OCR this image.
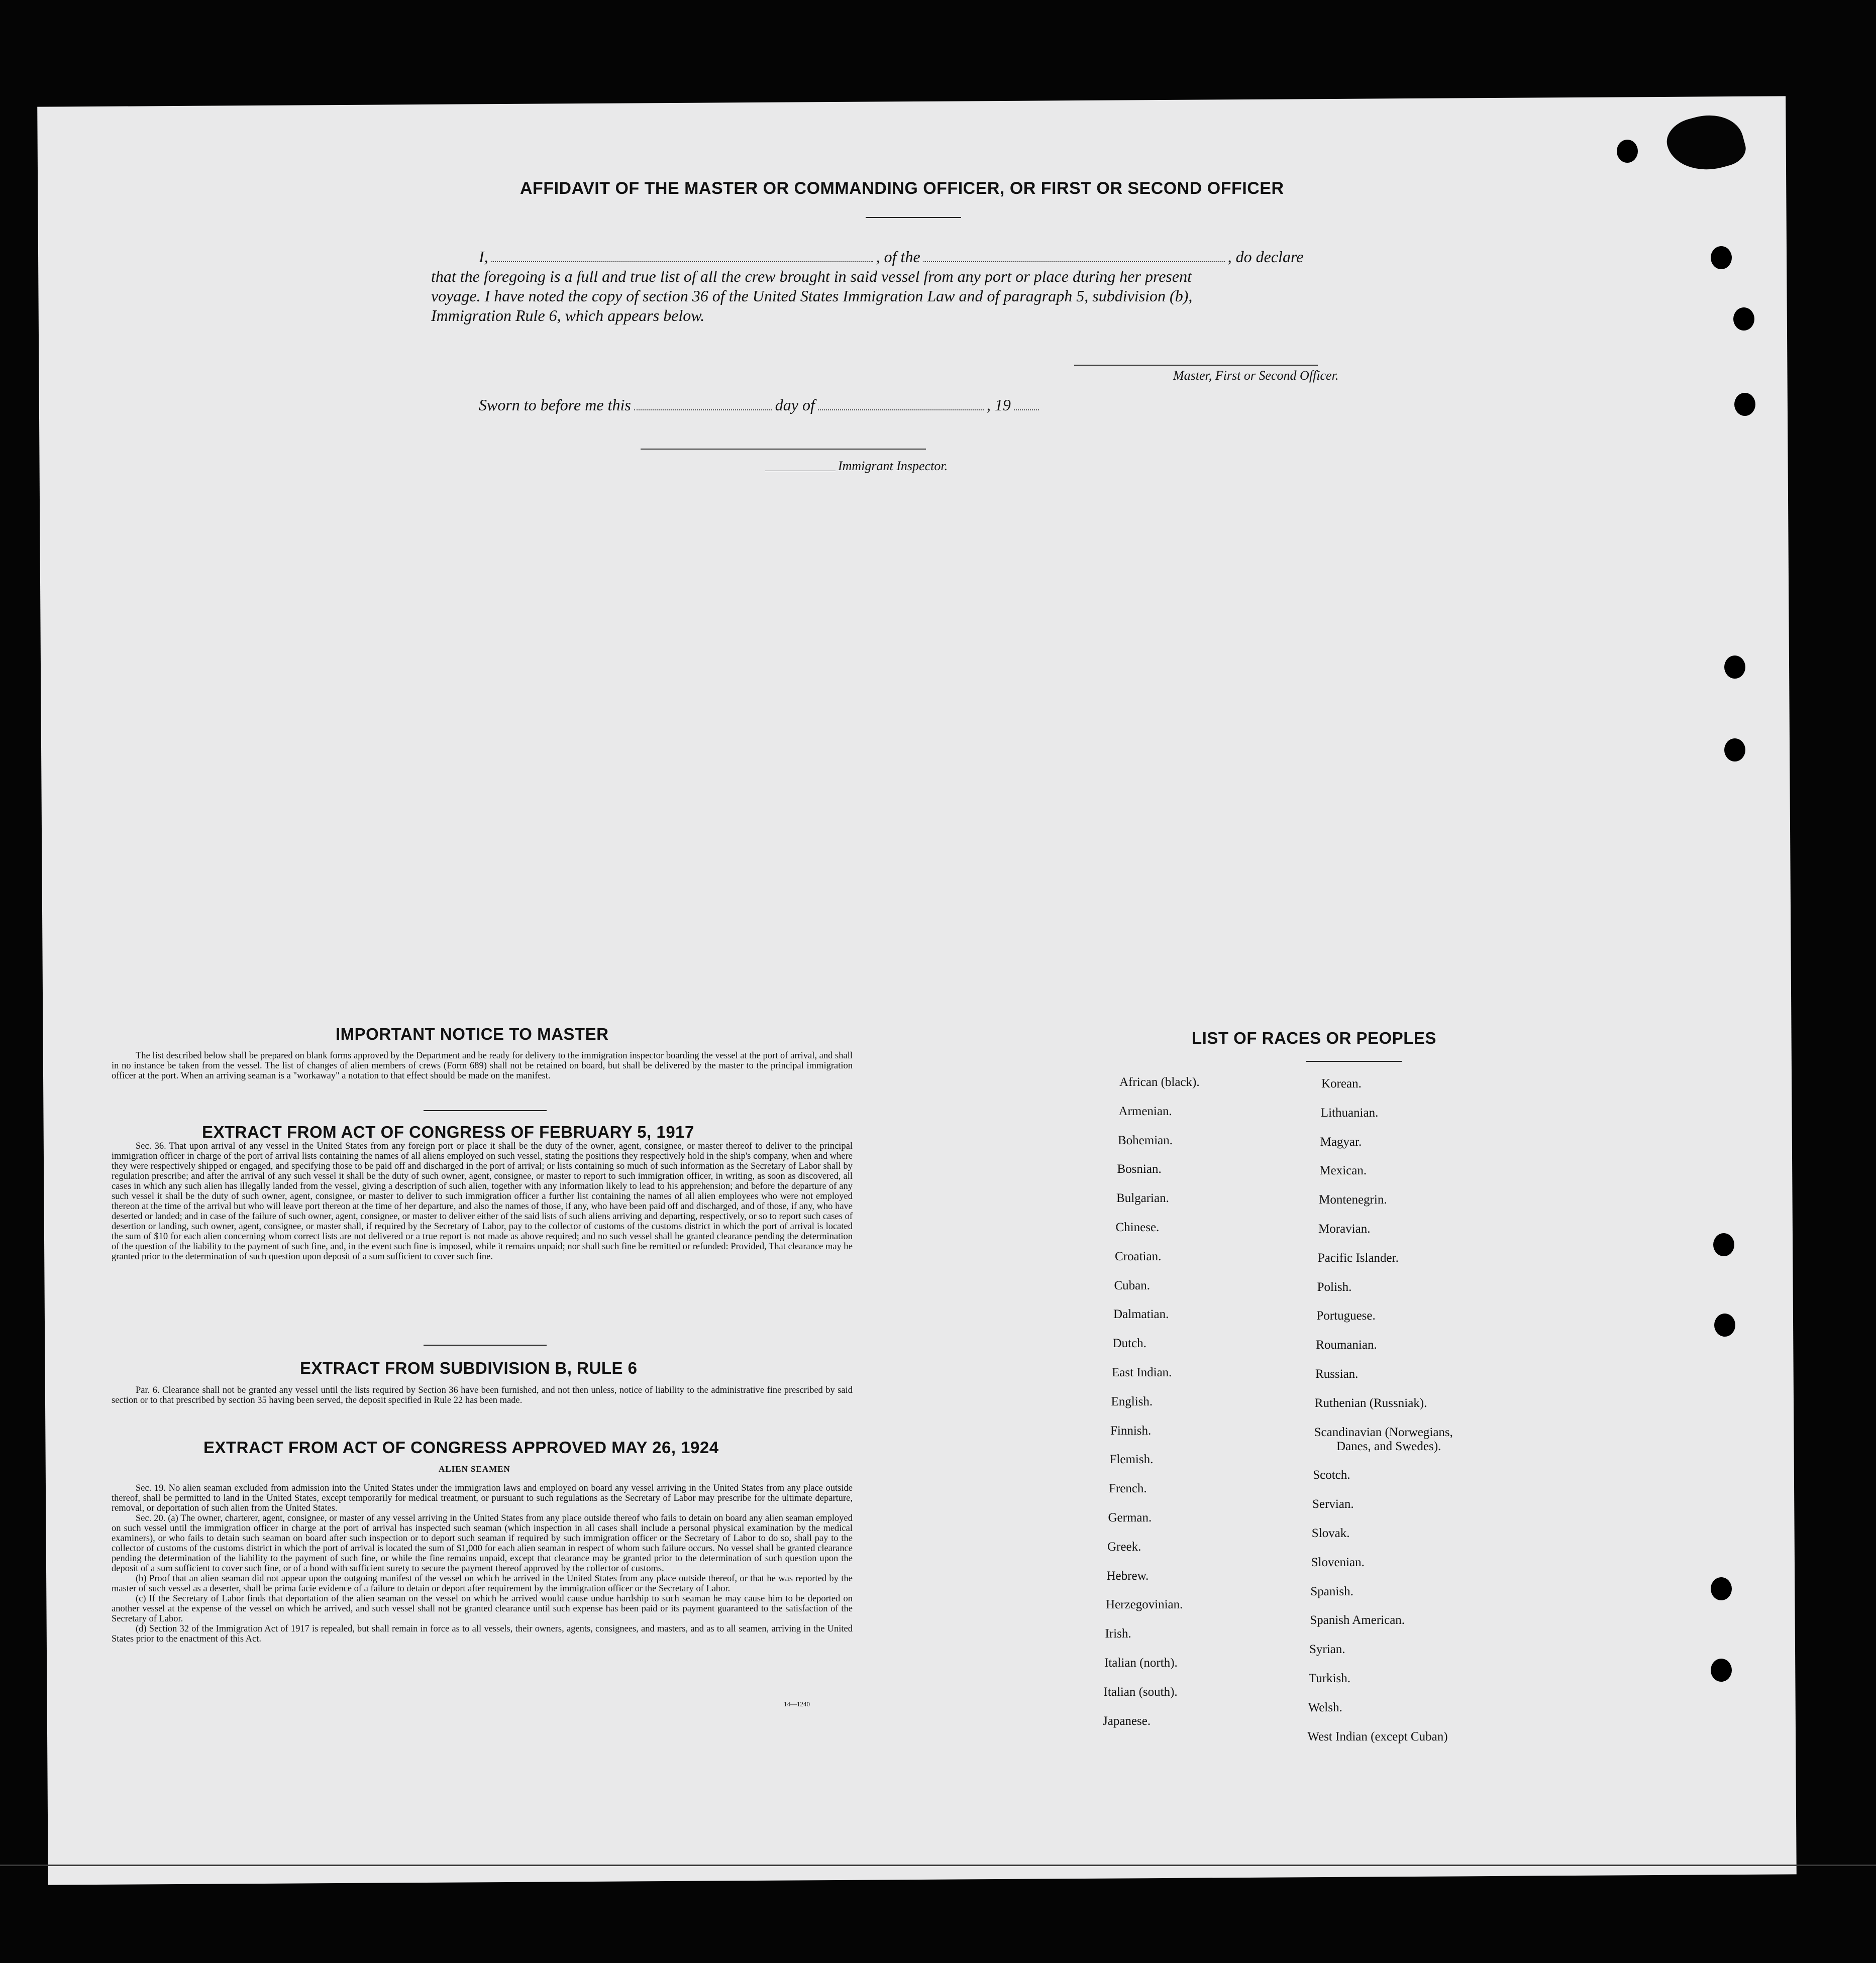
AFFIDAVIT OF THE MASTER OR COMMANDING OFFICER, OR FIRST OR SECOND OFFICER
I,	, of the	, do declare
that the foregoing is a full and true list of all the crew brought in said vessel from any port or place during her present
voyage. I have noted the copy of section 36 of the United States Immigration Law and of paragraph 5, subdivision (b),
Immigration Rule 6, which appears below.
Master, First or Second Officer.
Sworn to before me this	day of	, 19
Immigrant Inspector.
IMPORTANT NOTICE TO MASTER

The list described below shall be prepared on blank forms approved by the Department and be ready for delivery to the immigration inspector boarding the vessel at the port of arrival, and shall in no instance be taken from the vessel. The list of changes of alien members of crews (Form 689) shall not be retained on board, but shall be delivered by the master to the principal immigration officer at the port. When an arriving seaman is a "workaway" a notation to that effect should be made on the manifest.

EXTRACT FROM ACT OF CONGRESS OF FEBRUARY 5, 1917

Sec. 36. That upon arrival of any vessel in the United States from any foreign port or place it shall be the duty of the owner, agent, consignee, or master thereof to deliver to the principal immigration officer in charge of the port of arrival lists containing the names of all aliens employed on such vessel, stating the positions they respectively hold in the ship's company, when and where they were respectively shipped or engaged, and specifying those to be paid off and discharged in the port of arrival; or lists containing so much of such information as the Secretary of Labor shall by regulation prescribe; and after the arrival of any such vessel it shall be the duty of such owner, agent, consignee, or master to report to such immigration officer, in writing, as soon as discovered, all cases in which any such alien has illegally landed from the vessel, giving a description of such alien, together with any information likely to lead to his apprehension; and before the departure of any such vessel it shall be the duty of such owner, agent, consignee, or master to deliver to such immigration officer a further list containing the names of all alien employees who were not employed thereon at the time of the arrival but who will leave port thereon at the time of her departure, and also the names of those, if any, who have been paid off and discharged, and of those, if any, who have deserted or landed; and in case of the failure of such owner, agent, consignee, or master to deliver either of the said lists of such aliens arriving and departing, respectively, or so to report such cases of desertion or landing, such owner, agent, consignee, or master shall, if required by the Secretary of Labor, pay to the collector of customs of the customs district in which the port of arrival is located the sum of $10 for each alien concerning whom correct lists are not delivered or a true report is not made as above required; and no such vessel shall be granted clearance pending the determination of the question of the liability to the payment of such fine, and, in the event such fine is imposed, while it remains unpaid; nor shall such fine be remitted or refunded: Provided, That clearance may be granted prior to the determination of such question upon deposit of a sum sufficient to cover such fine.

EXTRACT FROM SUBDIVISION B, RULE 6

Par. 6. Clearance shall not be granted any vessel until the lists required by Section 36 have been furnished, and not then unless, notice of liability to the administrative fine prescribed by said section or to that prescribed by section 35 having been served, the deposit specified in Rule 22 has been made.

EXTRACT FROM ACT OF CONGRESS APPROVED MAY 26, 1924
ALIEN SEAMEN

Sec. 19. No alien seaman excluded from admission into the United States under the immigration laws and employed on board any vessel arriving in the United States from any place outside thereof, shall be permitted to land in the United States, except temporarily for medical treatment, or pursuant to such regulations as the Secretary of Labor may prescribe for the ultimate departure, removal, or deportation of such alien from the United States.

Sec. 20. (a) The owner, charterer, agent, consignee, or master of any vessel arriving in the United States from any place outside thereof who fails to detain on board any alien seaman employed on such vessel until the immigration officer in charge at the port of arrival has inspected such seaman (which inspection in all cases shall include a personal physical examination by the medical examiners), or who fails to detain such seaman on board after such inspection or to deport such seaman if required by such immigration officer or the Secretary of Labor to do so, shall pay to the collector of customs of the customs district in which the port of arrival is located the sum of $1,000 for each alien seaman in respect of whom such failure occurs. No vessel shall be granted clearance pending the determination of the liability to the payment of such fine, or while the fine remains unpaid, except that clearance may be granted prior to the determination of such question upon the deposit of a sum sufficient to cover such fine, or of a bond with sufficient surety to secure the payment thereof approved by the collector of customs.

(b) Proof that an alien seaman did not appear upon the outgoing manifest of the vessel on which he arrived in the United States from any place outside thereof, or that he was reported by the master of such vessel as a deserter, shall be prima facie evidence of a failure to detain or deport after requirement by the immigration officer or the Secretary of Labor.

(c) If the Secretary of Labor finds that deportation of the alien seaman on the vessel on which he arrived would cause undue hardship to such seaman he may cause him to be deported on another vessel at the expense of the vessel on which he arrived, and such vessel shall not be granted clearance until such expense has been paid or its payment guaranteed to the satisfaction of the Secretary of Labor.

(d) Section 32 of the Immigration Act of 1917 is repealed, but shall remain in force as to all vessels, their owners, agents, consignees, and masters, and as to all seamen, arriving in the United States prior to the enactment of this Act.

14—1240
LIST OF RACES OR PEOPLES
African (black).
Armenian.
Bohemian.
Bosnian.
Bulgarian.
Chinese.
Croatian.
Cuban.
Dalmatian.
Dutch.
East Indian.
English.
Finnish.
Flemish.
French.
German.
Greek.
Hebrew.
Herzegovinian.
Irish.
Italian (north).
Italian (south).
Japanese.
Korean.
Lithuanian.
Magyar.
Mexican.
Montenegrin.
Moravian.
Pacific Islander.
Polish.
Portuguese.
Roumanian.
Russian.
Ruthenian (Russniak).
Scandinavian (Norwegians,
Danes, and Swedes).
Scotch.
Servian.
Slovak.
Slovenian.
Spanish.
Spanish American.
Syrian.
Turkish.
Welsh.
West Indian (except Cuban)
